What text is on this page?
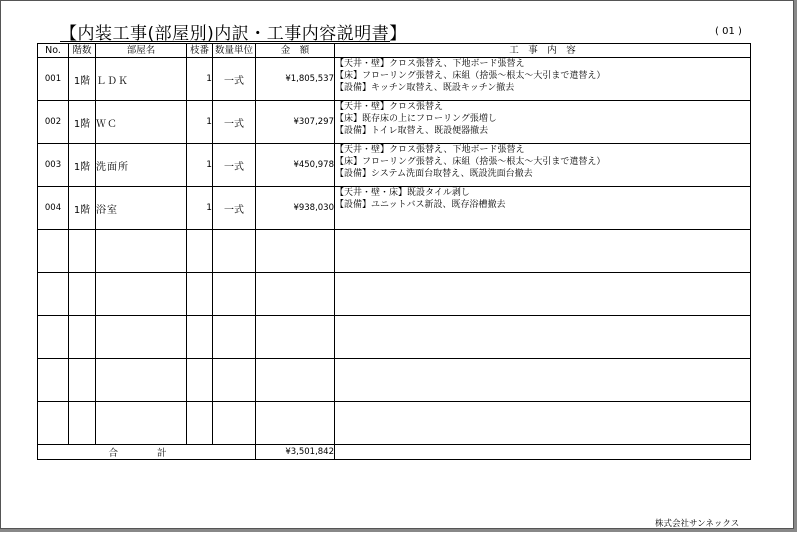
【内装工事(部屋別)内訳・工事内容説明書】	( 01 )
No.	階数	部屋名	枝番	数量単位	金　額	工　事　内　容
001	1階	ＬＤＫ	1	一式	¥1,805,537	【天井・壁】クロス張替え、下地ボード張替え
【床】フローリング張替え、床組（捨張～根太～大引まで遣替え）
【設備】キッチン取替え、既設キッチン撤去

002	1階	ＷＣ	1	一式	¥307,297	【天井・壁】クロス張替え
【床】既存床の上にフローリング張増し
【設備】トイレ取替え、既設便器撤去

003	1階	洗面所	1	一式	¥450,978	【天井・壁】クロス張替え、下地ボード張替え
【床】フローリング張替え、床組（捨張～根太～大引まで遣替え）
【設備】システム洗面台取替え、既設洗面台撤去

004	1階	浴室	1	一式	¥938,030	【天井・壁・床】既設タイル剥し
【設備】ユニットバス新設、既存浴槽撤去

合 計					¥3,501,842	
株式会社サンネックス
